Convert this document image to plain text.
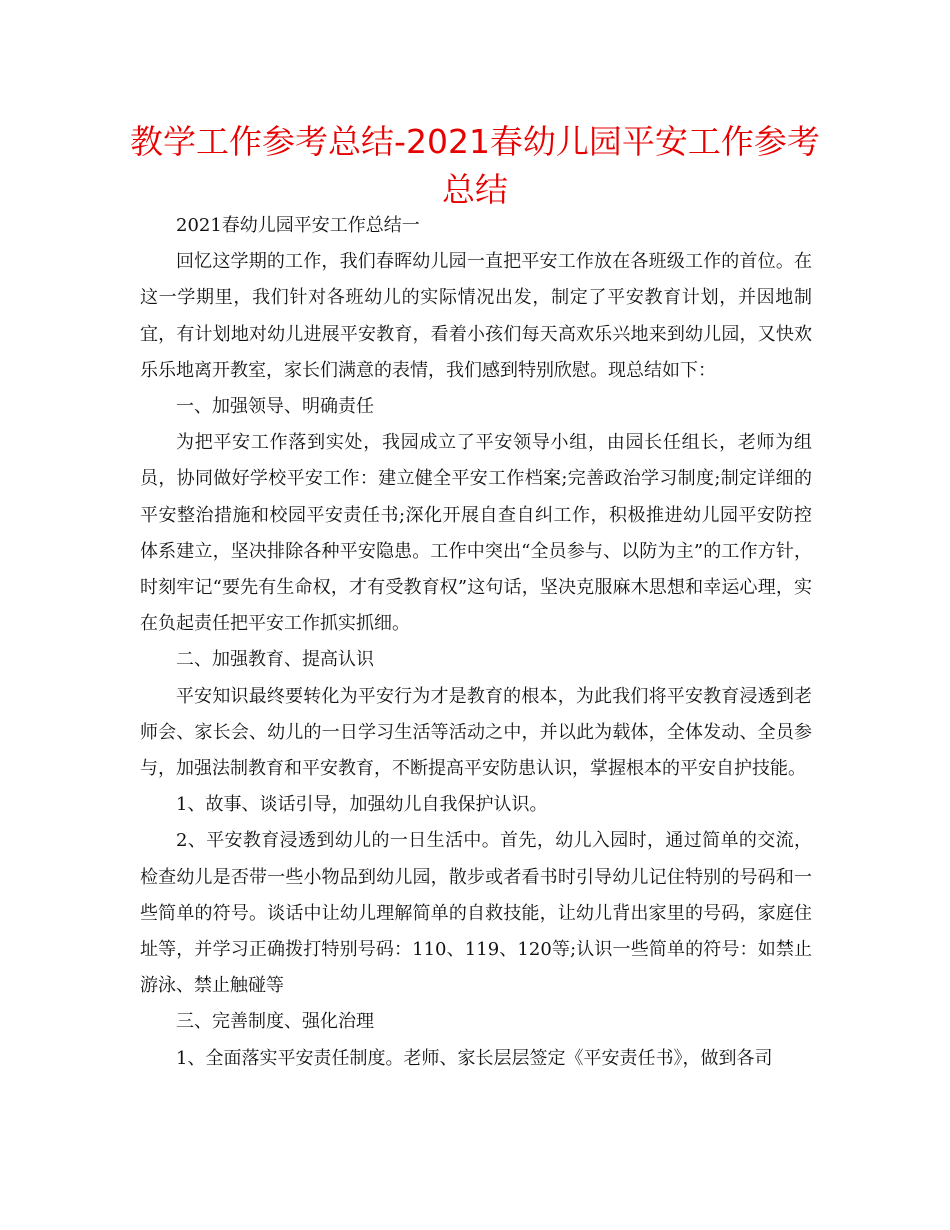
教学工作参考总结-2021春幼儿园平安工作参考总结

2021春幼儿园平安工作总结一

回忆这学期的工作，我们春晖幼儿园一直把平安工作放在各班级工作的首位。在这一学期里，我们针对各班幼儿的实际情况出发，制定了平安教育计划，并因地制宜，有计划地对幼儿进展平安教育，看着小孩们每天高欢乐兴地来到幼儿园，又快欢乐乐地离开教室，家长们满意的表情，我们感到特别欣慰。现总结如下：

一、加强领导、明确责任

为把平安工作落到实处，我园成立了平安领导小组，由园长任组长，老师为组员，协同做好学校平安工作：建立健全平安工作档案;完善政治学习制度;制定详细的平安整治措施和校园平安责任书;深化开展自查自纠工作，积极推进幼儿园平安防控体系建立，坚决排除各种平安隐患。工作中突出“全员参与、以防为主”的工作方针，时刻牢记“要先有生命权，才有受教育权”这句话，坚决克服麻木思想和幸运心理，实在负起责任把平安工作抓实抓细。

二、加强教育、提高认识

平安知识最终要转化为平安行为才是教育的根本，为此我们将平安教育浸透到老师会、家长会、幼儿的一日学习生活等活动之中，并以此为载体，全体发动、全员参与，加强法制教育和平安教育，不断提高平安防患认识，掌握根本的平安自护技能。

1、故事、谈话引导，加强幼儿自我保护认识。

2、平安教育浸透到幼儿的一日生活中。首先，幼儿入园时，通过简单的交流，检查幼儿是否带一些小物品到幼儿园，散步或者看书时引导幼儿记住特别的号码和一些简单的符号。谈话中让幼儿理解简单的自救技能，让幼儿背出家里的号码，家庭住址等，并学习正确拨打特别号码：110、119、120等;认识一些简单的符号：如禁止游泳、禁止触碰等

三、完善制度、强化治理

1、全面落实平安责任制度。老师、家长层层签定《平安责任书》，做到各司
